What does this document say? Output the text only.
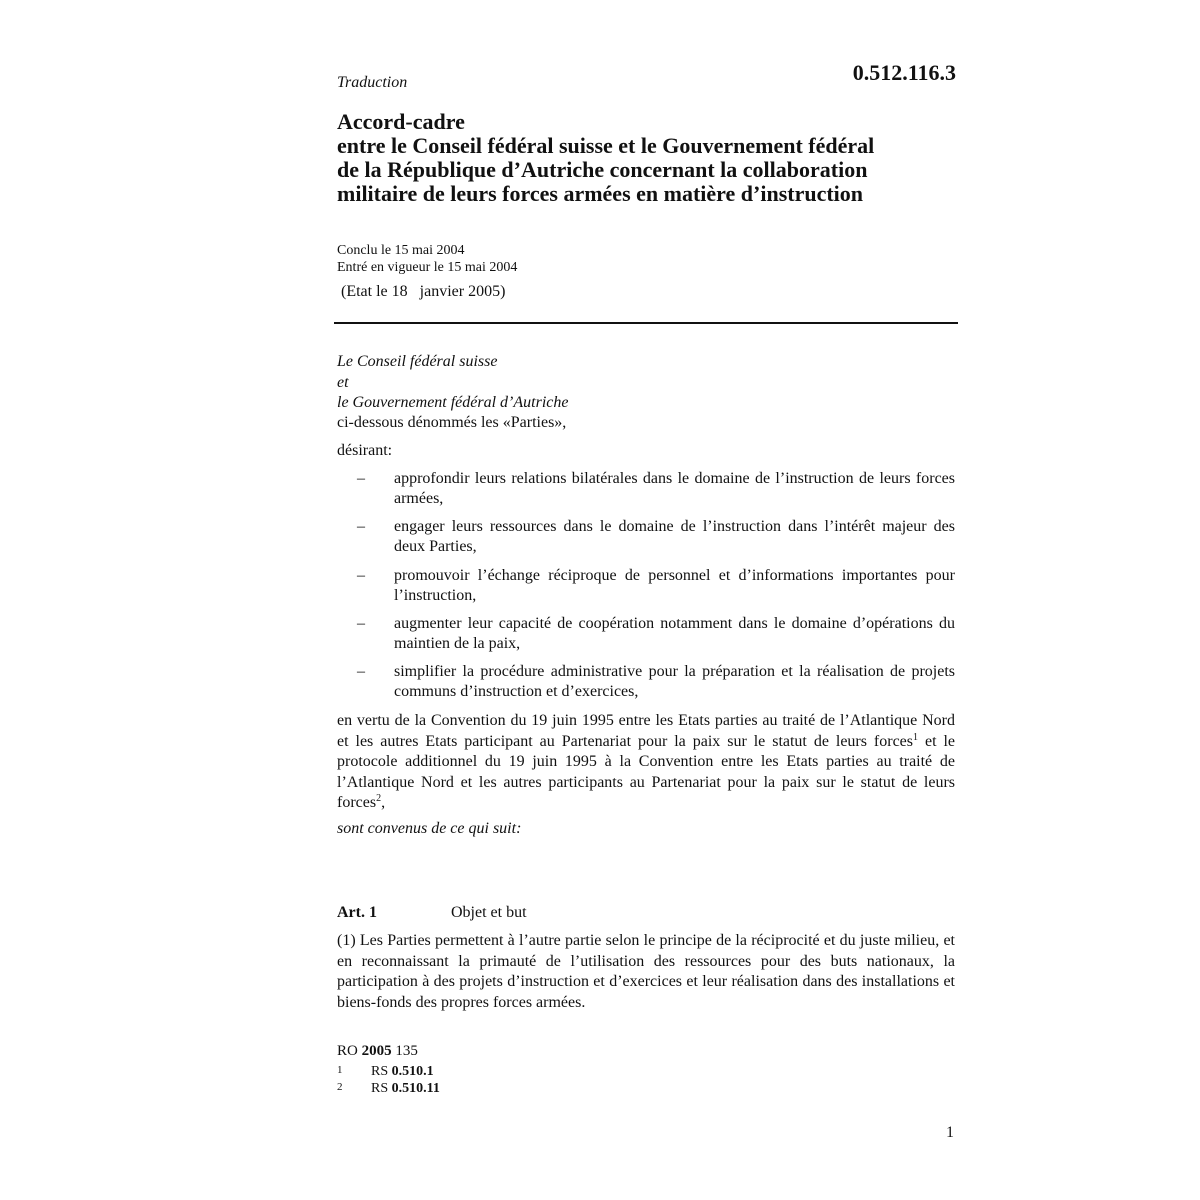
Traduction	0.512.116.3
Accord-cadre
entre le Conseil fédéral suisse et le Gouvernement fédéral
de la République d’Autriche concernant la collaboration
militaire de leurs forces armées en matière d’instruction
Conclu le 15 mai 2004
Entré en vigueur le 15 mai 2004
(Etat le 18   janvier 2005)
Le Conseil fédéral suisse
et
le Gouvernement fédéral d’Autriche
ci-dessous dénommés les «Parties»,
désirant:
– approfondir leurs relations bilatérales dans le domaine de l’instruction de leurs forces armées,
– engager leurs ressources dans le domaine de l’instruction dans l’intérêt majeur des deux Parties,
– promouvoir l’échange réciproque de personnel et d’informations importantes pour l’instruction,
– augmenter leur capacité de coopération notamment dans le domaine d’opérations du maintien de la paix,
– simplifier la procédure administrative pour la préparation et la réalisation de projets communs d’instruction et d’exercices,
en vertu de la Convention du 19 juin 1995 entre les Etats parties au traité de l’Atlantique Nord et les autres Etats participant au Partenariat pour la paix sur le statut de leurs forces$^1$ et le protocole additionnel du 19 juin 1995 à la Convention entre les Etats parties au traité de l’Atlantique Nord et les autres participants au Partenariat pour la paix sur le statut de leurs forces$^2$,
sont convenus de ce qui suit:
Art. 1	Objet et but
(1) Les Parties permettent à l’autre partie selon le principe de la réciprocité et du juste milieu, et en reconnaissant la primauté de l’utilisation des ressources pour des buts nationaux, la participation à des projets d’instruction et d’exercices et leur réalisation dans des installations et biens-fonds des propres forces armées.
RO 2005 135
1 RS 0.510.1
2 RS 0.510.11
1
